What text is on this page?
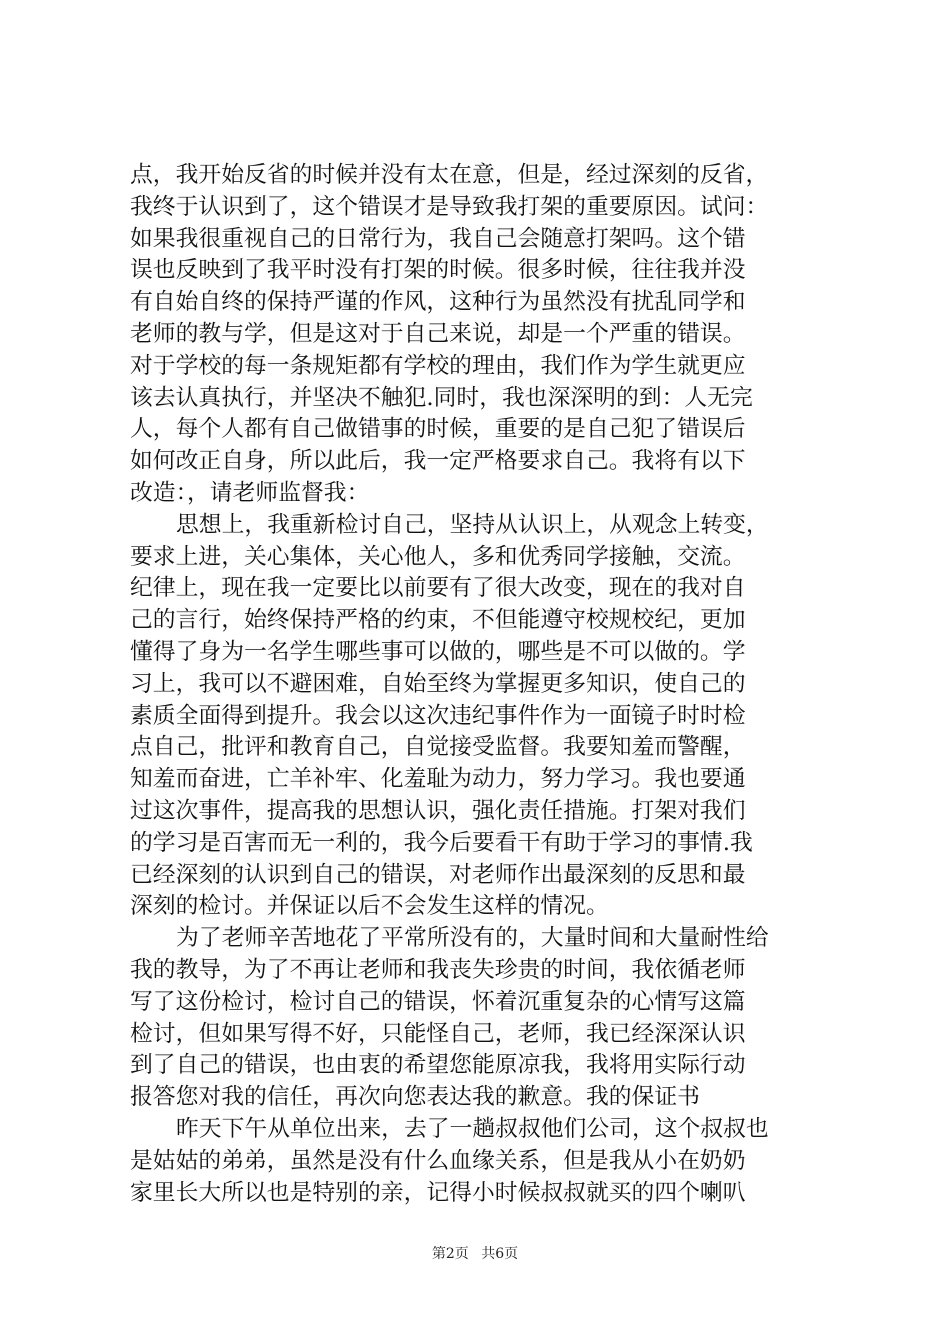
点，我开始反省的时候并没有太在意，但是，经过深刻的反省，
我终于认识到了，这个错误才是导致我打架的重要原因。试问：
如果我很重视自己的日常行为，我自己会随意打架吗。这个错
误也反映到了我平时没有打架的时候。很多时候，往往我并没
有自始自终的保持严谨的作风，这种行为虽然没有扰乱同学和
老师的教与学，但是这对于自己来说，却是一个严重的错误。
对于学校的每一条规矩都有学校的理由，我们作为学生就更应
该去认真执行，并坚决不触犯.同时，我也深深明的到：人无完
人，每个人都有自己做错事的时候，重要的是自己犯了错误后
如何改正自身，所以此后，我一定严格要求自己。我将有以下
改造：，请老师监督我：
思想上，我重新检讨自己，坚持从认识上，从观念上转变，
要求上进，关心集体，关心他人，多和优秀同学接触，交流。
纪律上，现在我一定要比以前要有了很大改变，现在的我对自
己的言行，始终保持严格的约束，不但能遵守校规校纪，更加
懂得了身为一名学生哪些事可以做的，哪些是不可以做的。学
习上，我可以不避困难，自始至终为掌握更多知识，使自己的
素质全面得到提升。我会以这次违纪事件作为一面镜子时时检
点自己，批评和教育自己，自觉接受监督。我要知羞而警醒，
知羞而奋进，亡羊补牢、化羞耻为动力，努力学习。我也要通
过这次事件，提高我的思想认识，强化责任措施。打架对我们
的学习是百害而无一利的，我今后要看干有助于学习的事情.我
已经深刻的认识到自己的错误，对老师作出最深刻的反思和最
深刻的检讨。并保证以后不会发生这样的情况。
为了老师辛苦地花了平常所没有的，大量时间和大量耐性给
我的教导，为了不再让老师和我丧失珍贵的时间，我依循老师
写了这份检讨，检讨自己的错误，怀着沉重复杂的心情写这篇
检讨，但如果写得不好，只能怪自己，老师，我已经深深认识
到了自己的错误，也由衷的希望您能原凉我，我将用实际行动
报答您对我的信任，再次向您表达我的歉意。我的保证书
昨天下午从单位出来，去了一趟叔叔他们公司，这个叔叔也
是姑姑的弟弟，虽然是没有什么血缘关系，但是我从小在奶奶
家里长大所以也是特别的亲，记得小时候叔叔就买的四个喇叭
第2页 共6页
